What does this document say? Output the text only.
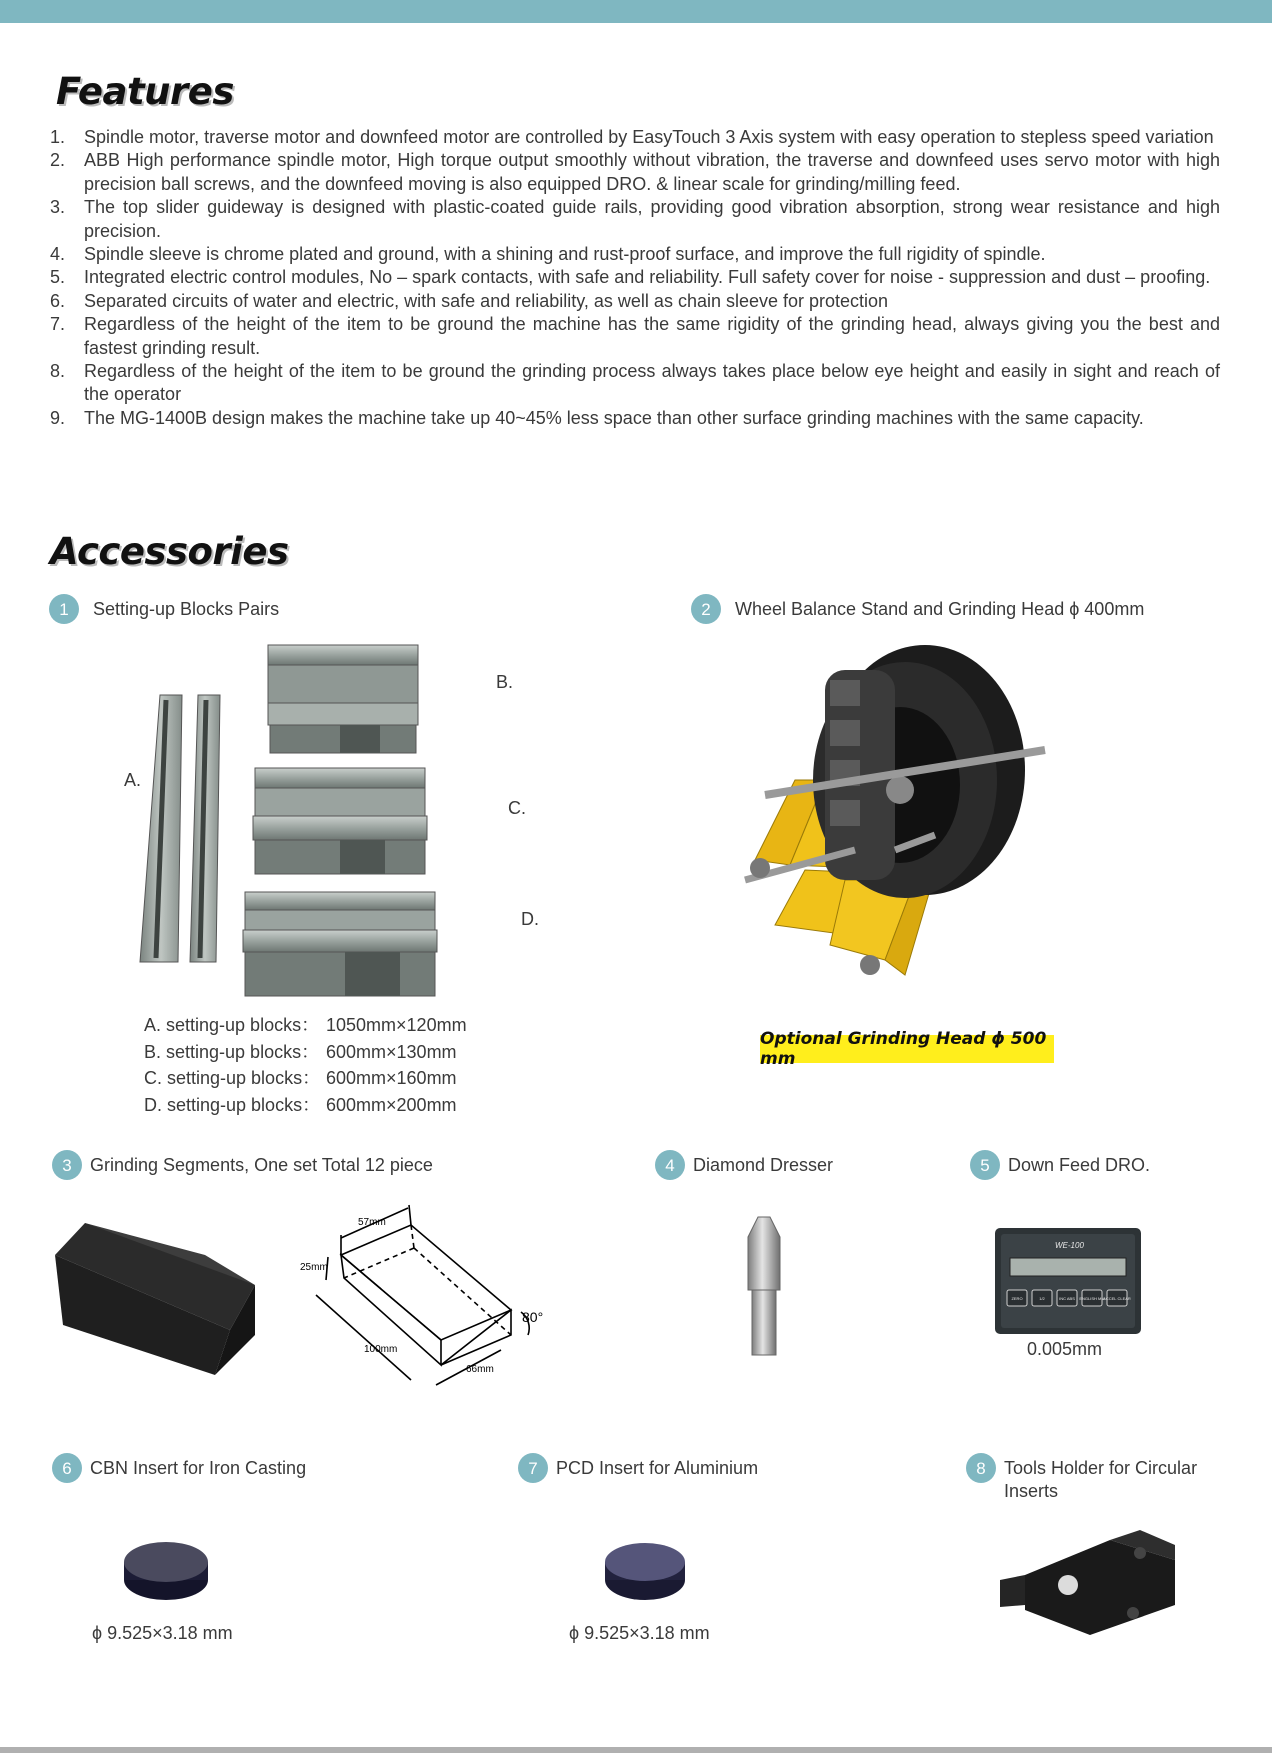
Features
1.	Spindle motor, traverse motor and downfeed motor are controlled by EasyTouch 3 Axis system with easy operation to stepless speed variation
2.	ABB High performance spindle motor, High torque output smoothly without vibration, the traverse and downfeed uses servo motor with high precision ball screws, and the downfeed moving is also equipped DRO. & linear scale for grinding/milling feed.
3.	The top slider guideway is designed with plastic-coated guide rails, providing good vibration absorption, strong wear resistance and high precision.
4.	Spindle sleeve is chrome plated and ground, with a shining and rust-proof surface, and improve the full rigidity of spindle.
5.	Integrated electric control modules, No – spark contacts, with safe and reliability. Full safety cover for noise - suppression and dust – proofing.
6.	Separated circuits of water and electric, with safe and reliability, as well as chain sleeve for protection
7.	Regardless of the height of the item to be ground the machine has the same rigidity of the grinding head, always giving you the best and fastest grinding result.
8.	Regardless of the height of the item to be ground the grinding process always takes place below eye height and easily in sight and reach of the operator
9.	The MG-1400B design makes the machine take up 40~45% less space than other surface grinding machines with the same capacity.
Accessories
1	Setting-up Blocks Pairs
A.
B.
C.
D.
A. setting-up blocks： 1050mm×120mm
B. setting-up blocks： 600mm×130mm
C. setting-up blocks： 600mm×160mm
D. setting-up blocks： 600mm×200mm
2	Wheel Balance Stand and Grinding Head ϕ 400mm
Optional Grinding Head ϕ 500 mm
3	Grinding Segments, One set Total 12 piece
57mm
25mm
100mm
66mm
80°
4	Diamond Dresser	5	Down Feed DRO.
WE-100
ZERO	1/2	INC ABS ENGLISH MM
ACCEL CLEAR
0.005mm
6	CBN Insert for Iron Casting
ϕ 9.525×3.18 mm
7	PCD Insert for Aluminium
ϕ 9.525×3.18 mm
8	Tools Holder for Circular Inserts
